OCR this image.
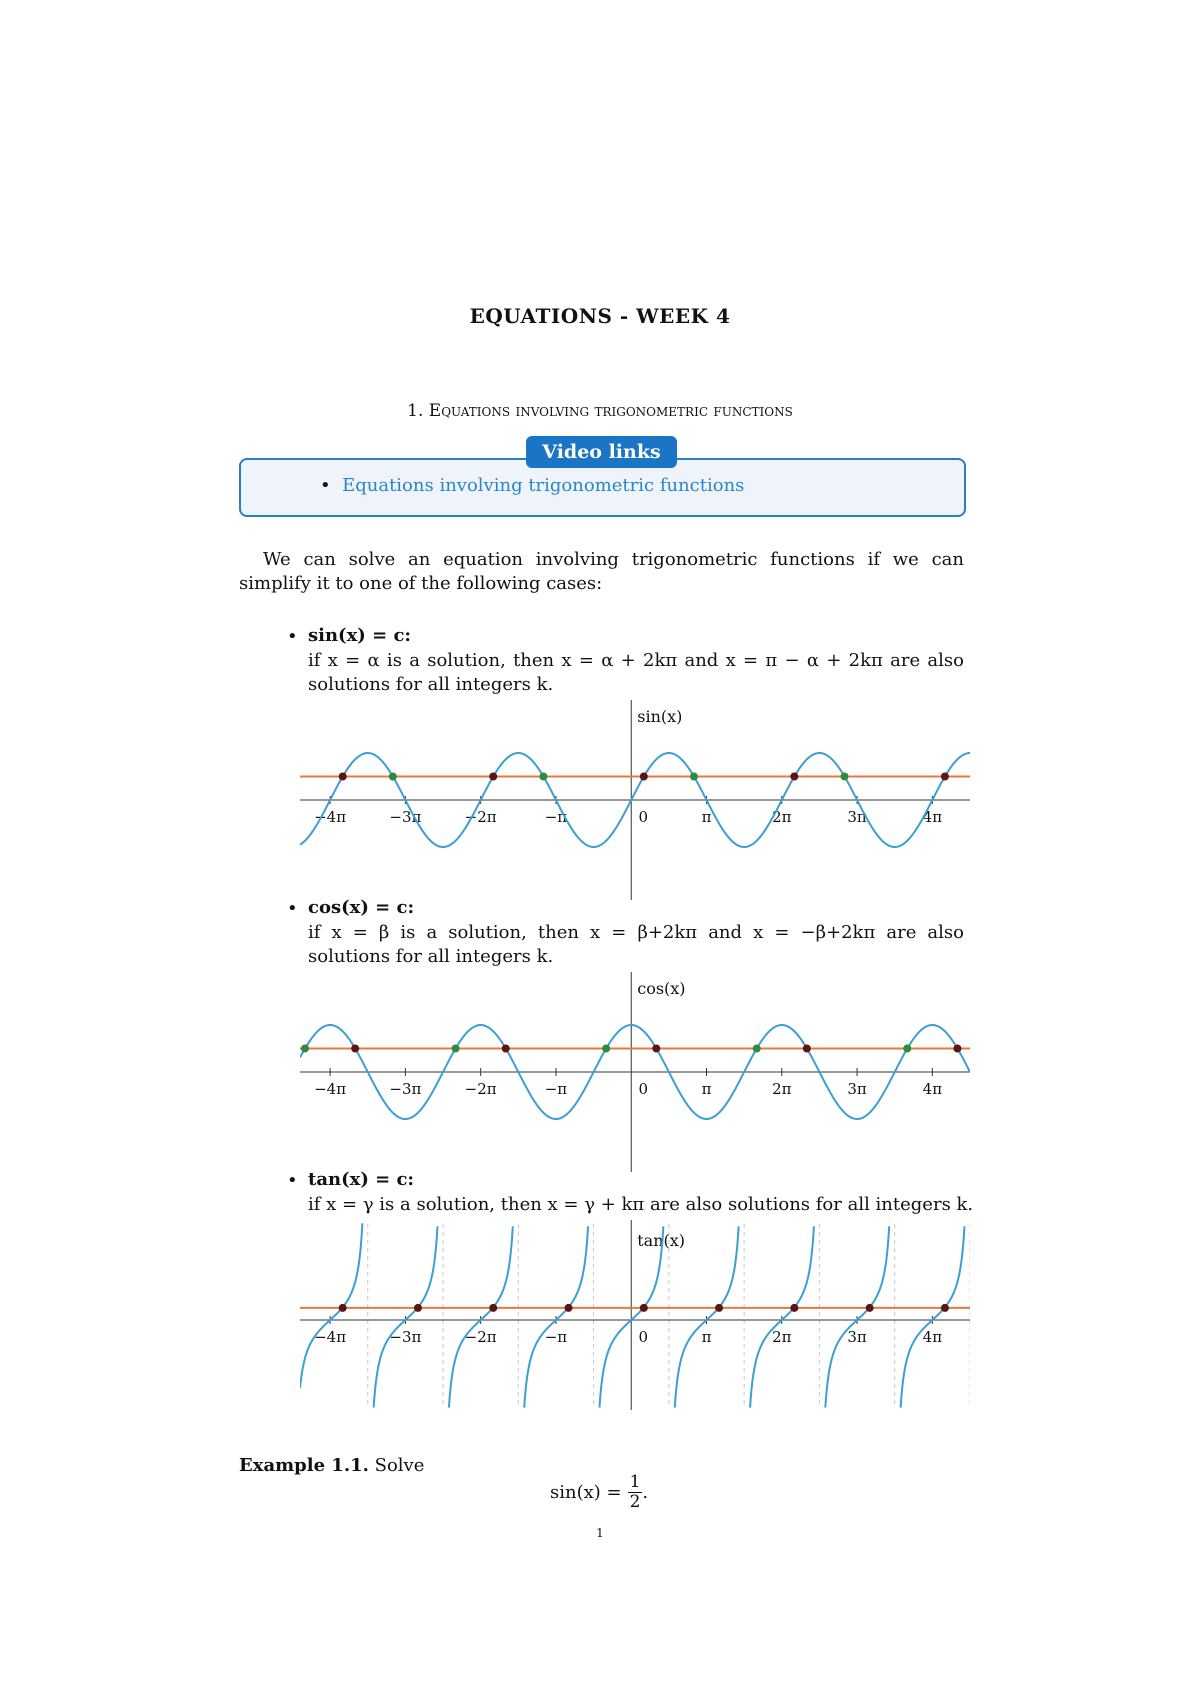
EQUATIONS - WEEK 4
1. Equations involving trigonometric functions
Video links
•  Equations involving trigonometric functions
We can solve an equation involving trigonometric functions if we can simplify it to one of the following cases:
• sin(x) = c:
if x = α is a solution, then x = α + 2kπ and x = π − α + 2kπ are also solutions for all integers k.
−4π	−3π	−2π	−π	0	π	2π	3π	4π
sin(x)
• cos(x) = c:
if x = β is a solution, then x = β+2kπ and x = −β+2kπ are also solutions for all integers k.
−4π	−3π	−2π	−π	0	π	2π	3π	4π
cos(x)
• tan(x) = c:
if x = γ is a solution, then x = γ + kπ are also solutions for all integers k.
−4π	−3π	−2π	−π	0	π	2π	3π	4π
tan(x)
Example 1.1. Solve
$\sin(x) = \frac{1}{2}$ .
1
